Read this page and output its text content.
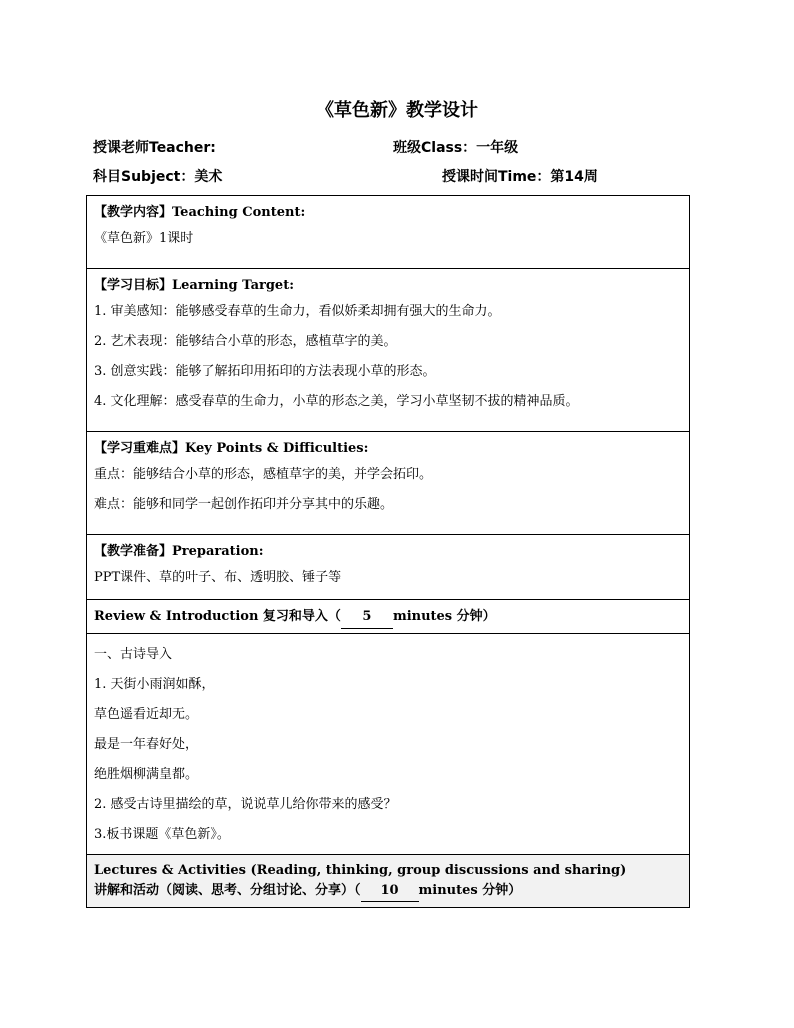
《草色新》教学设计
授课老师Teacher:	班级Class：一年级
科目Subject：美术	授课时间Time：第14周
【教学内容】Teaching Content:
《草色新》1课时

【学习目标】Learning Target:
1. 审美感知：能够感受春草的生命力，看似娇柔却拥有强大的生命力。
2. 艺术表现：能够结合小草的形态，感植草字的美。
3. 创意实践：能够了解拓印用拓印的方法表现小草的形态。
4. 文化理解：感受春草的生命力，小草的形态之美，学习小草坚韧不拔的精神品质。

【学习重难点】Key Points & Difficulties:
重点：能够结合小草的形态，感植草字的美，并学会拓印。
难点：能够和同学一起创作拓印并分享其中的乐趣。

【教学准备】Preparation:
PPT课件、草的叶子、布、透明胶、锤子等

Review & Introduction 复习和导入（ 5 minutes 分钟）

一、古诗导入
1. 天街小雨润如酥，
草色遥看近却无。
最是一年春好处，
绝胜烟柳满皇都。
2. 感受古诗里描绘的草，说说草儿给你带来的感受？
3.板书课题《草色新》。

Lectures & Activities (Reading, thinking, group discussions and sharing)
讲解和活动（阅读、思考、分组讨论、分享）（ 10 minutes 分钟）
